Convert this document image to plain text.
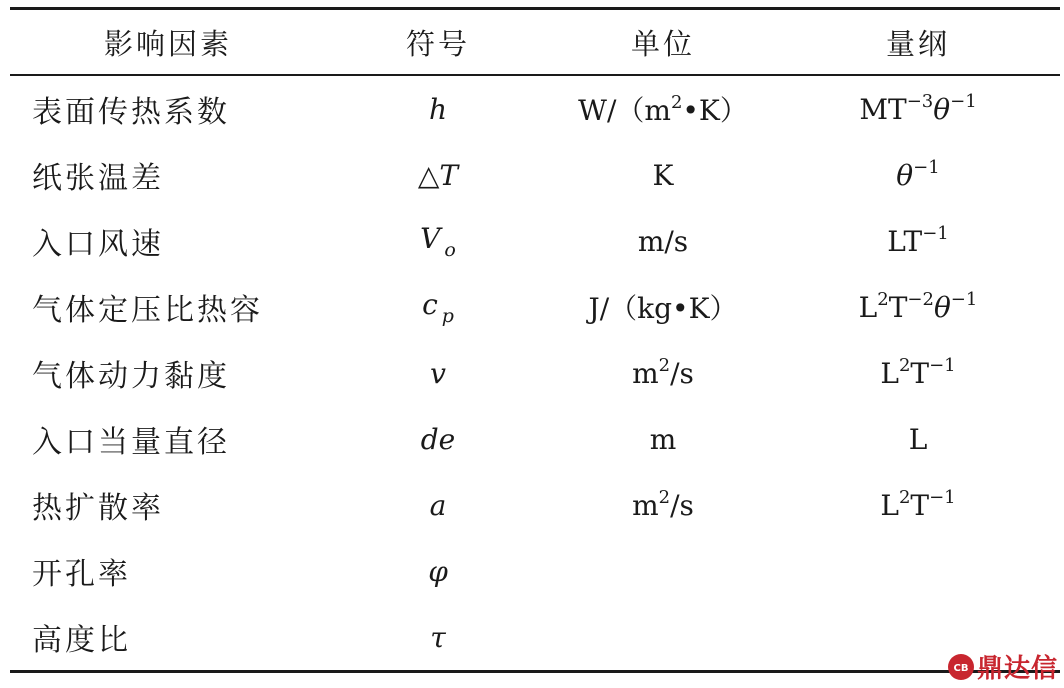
影响因素	符号	单位	量纲
表面传热系数	h	$W/(m^2•K)$	$MT^{-3}\theta^{-1}$
纸张温差	△T	K	$\theta^{-1}$
入口风速	V $_o$	m/s	$LT^{-1}$
气体定压比热容	c $_p$	J/（kg•K）	$L^2T^{-2}\theta^{-1}$
气体动力黏度	v	$m^2/s$	$L^2T^{-1}$
入口当量直径	de	m	L
热扩散率	a	$m^2/s$	$L^2T^{-1}$
开孔率	φ		
高度比	τ		
CB 鼎达信
